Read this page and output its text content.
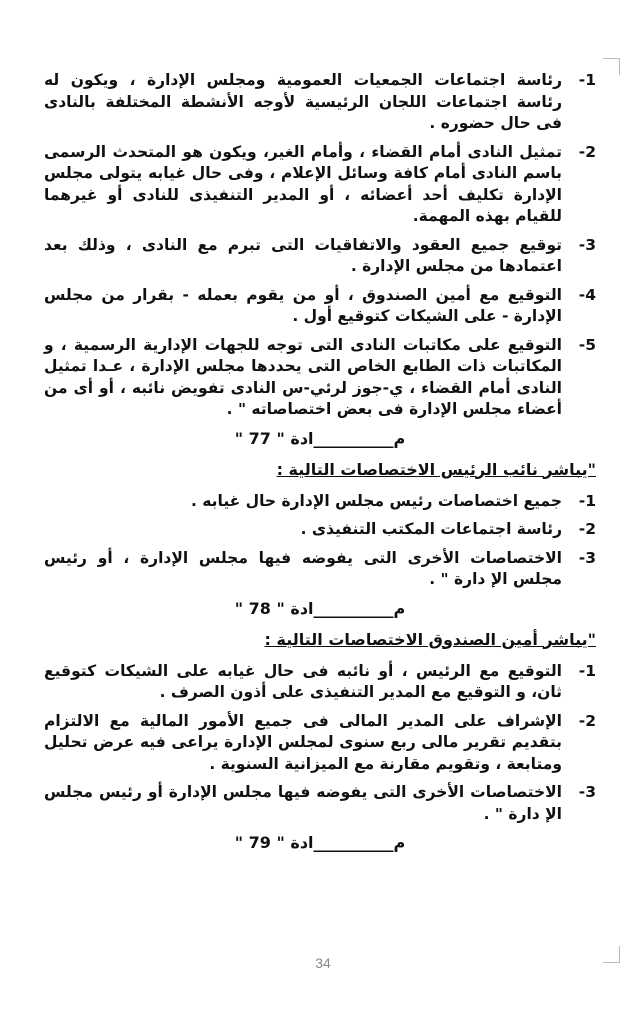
1-
رئاسة اجتماعات الجمعيات العمومية ومجلس الإدارة ، ويكون له رئاسة اجتماعات اللجان الرئيسية لأوجه الأنشطة المختلفة بالنادى فى حال حضوره .
2-
تمثيل النادى أمام القضاء ، وأمام الغير، ويكون هو المتحدث الرسمى باسم النادى أمام كافة وسائل الإعلام ، وفى حال غيابه يتولى مجلس الإدارة تكليف أحد أعضائه ، أو المدير التنفيذى للنادى أو غيرهما للقيام بهذه المهمة.
3-
توقيع جميع العقود والاتفاقيات التى تبرم مع النادى ، وذلك بعد اعتمادها من مجلس الإدارة .
4-
التوقيع مع أمين الصندوق ، أو من يقوم بعمله - بقرار من مجلس الإدارة - على الشيكات كتوقيع أول .
5-
التوقيع على مكاتبات النادى التى توجه للجهات الإدارية الرسمية ، و المكاتبات ذات الطابع الخاص التى يحددها مجلس الإدارة ، عـدا تمثيل النادى أمام القضاء ، ي-جوز لرئي-س النادى تفويض نائبه ، أو أى من أعضاء مجلس الإدارة فى بعض اختصاصاته " .
م__________ادة " 77 "
"يباشر نائب الرئيس الاختصاصات التالية :
1-
جميع اختصاصات رئيس مجلس الإدارة حال غيابه .
2-
رئاسة اجتماعات المكتب التنفيذى .
3-
الاختصاصات الأخرى التى يفوضه فيها مجلس الإدارة ، أو رئيس مجلس الإ دارة " .
م__________ادة " 78 "
"يباشر أمين الصندوق الاختصاصات التالية :
1-
التوقيع مع الرئيس ، أو نائبه فى حال غيابه على الشيكات كتوقيع ثان، و التوقيع مع المدير التنفيذى على أذون الصرف .
2-
الإشراف على المدير المالى فى جميع الأمور المالية مع الالتزام بتقديم تقرير مالى ربع سنوى لمجلس الإدارة يراعى فيه عرض تحليل ومتابعة ، وتقويم مقارنة مع الميزانية السنوية .
3-
الاختصاصات الأخرى التى يفوضه فيها مجلس الإدارة أو رئيس مجلس الإ دارة " .
م__________ادة " 79 "
34
